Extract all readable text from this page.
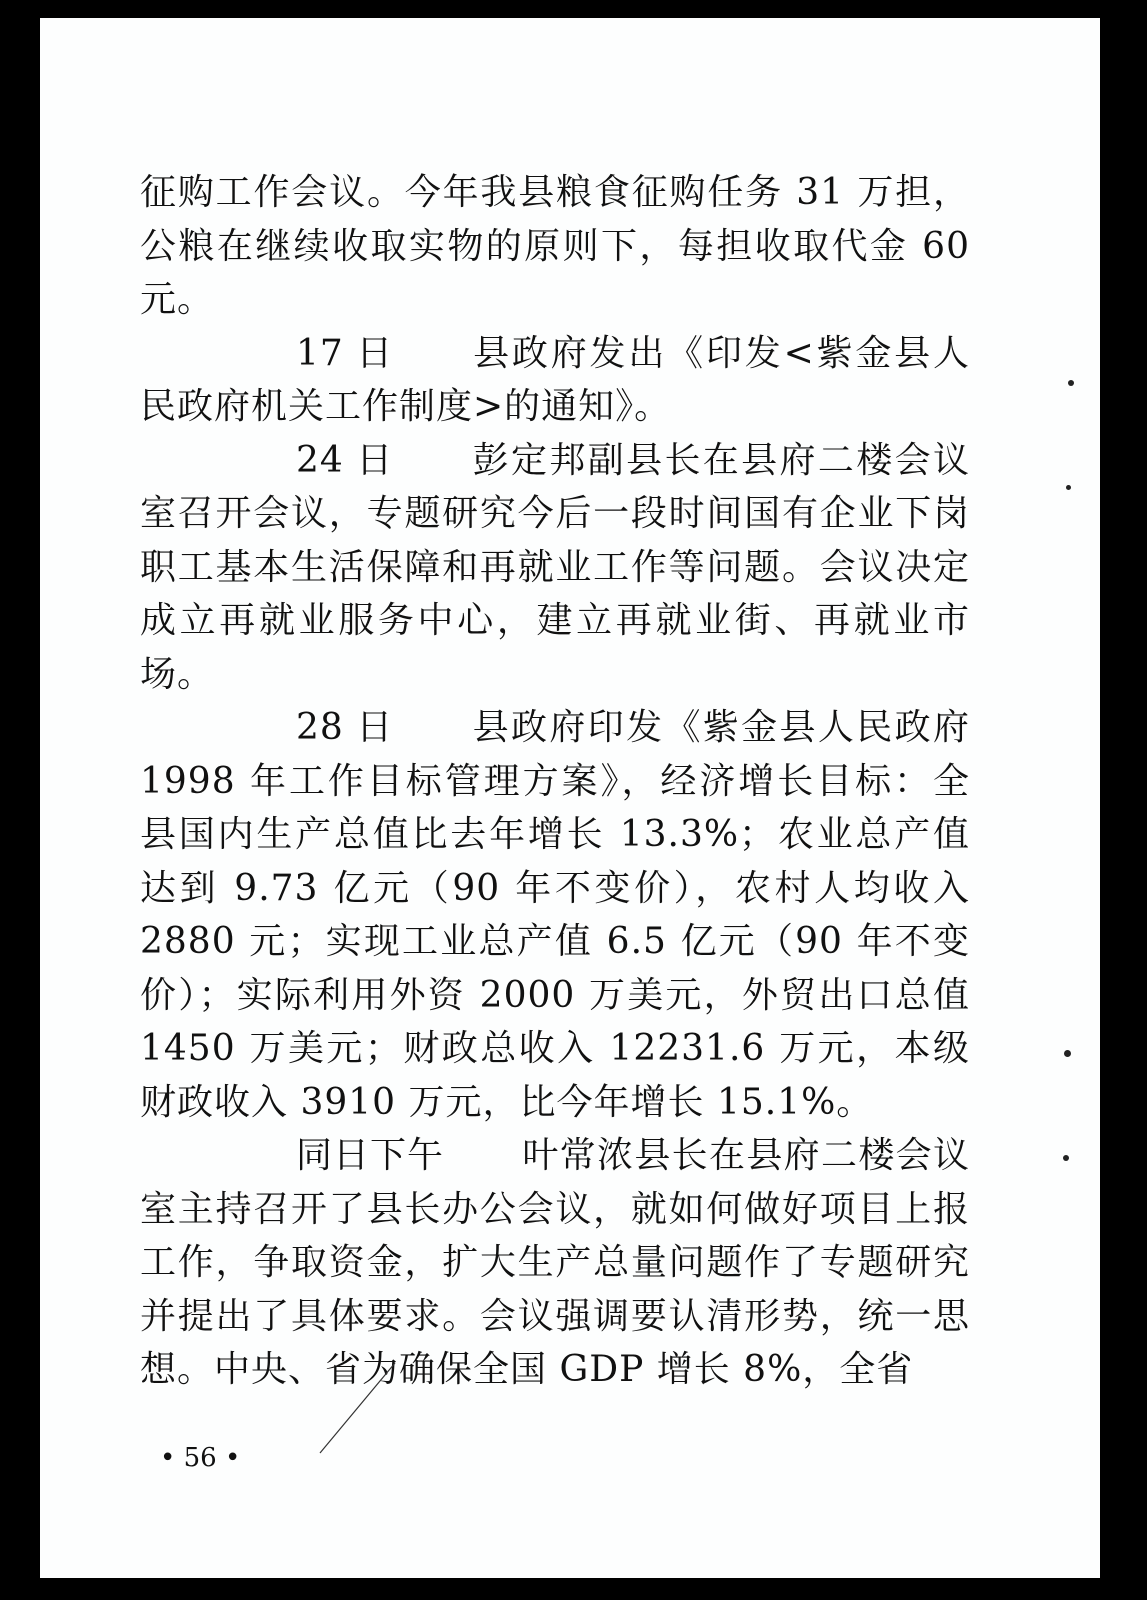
征购工作会议。今年我县粮食征购任务 31 万担，公粮在继续收取实物的原则下，每担收取代金 60 元。

17 日 县政府发出《印发<紫金县人民政府机关工作制度>的通知》。

24 日 彭定邦副县长在县府二楼会议室召开会议，专题研究今后一段时间国有企业下岗职工基本生活保障和再就业工作等问题。会议决定成立再就业服务中心，建立再就业街、再就业市场。

28 日 县政府印发《紫金县人民政府 1998 年工作目标管理方案》，经济增长目标：全县国内生产总值比去年增长 13.3%；农业总产值达到 9.73 亿元（90 年不变价），农村人均收入 2880 元；实现工业总产值 6.5 亿元（90 年不变价）；实际利用外资 2000 万美元，外贸出口总值 1450 万美元；财政总收入 12231.6 万元，本级财政收入 3910 万元，比今年增长 15.1%。

同日下午 叶常浓县长在县府二楼会议室主持召开了县长办公会议，就如何做好项目上报工作，争取资金，扩大生产总量问题作了专题研究并提出了具体要求。会议强调要认清形势，统一思想。中央、省为确保全国 GDP 增长 8%，全省

• 56 •
